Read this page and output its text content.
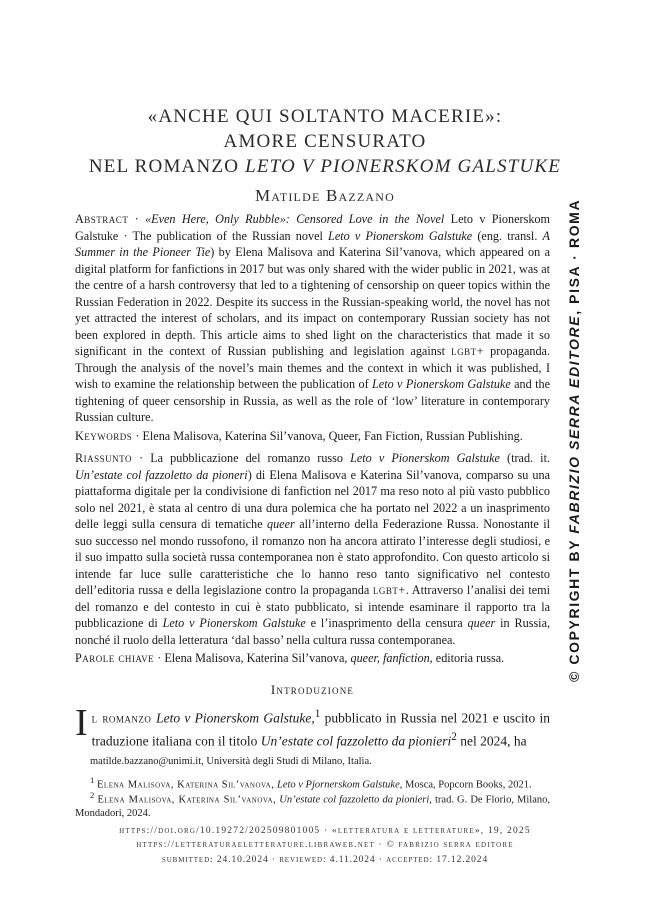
«ANCHE QUI SOLTANTO MACERIE»:
AMORE CENSURATO
NEL ROMANZO LETO V PIONERSKOM GALSTUKE
Matilde Bazzano
Abstract · «Even Here, Only Rubble»: Censored Love in the Novel Leto v Pionerskom Galstuke · The publication of the Russian novel Leto v Pionerskom Galstuke (eng. transl. A Summer in the Pioneer Tie) by Elena Malisova and Katerina Sil’vanova, which appeared on a digital platform for fanfictions in 2017 but was only shared with the wider public in 2021, was at the centre of a harsh controversy that led to a tightening of censorship on queer topics within the Russian Federation in 2022. Despite its success in the Russian-speaking world, the novel has not yet attracted the interest of scholars, and its impact on contemporary Russian society has not been explored in depth. This article aims to shed light on the characteristics that made it so significant in the context of Russian publishing and legislation against lgbt+ propaganda. Through the analysis of the novel’s main themes and the context in which it was published, I wish to examine the relationship between the publication of Leto v Pionerskom Galstuke and the tightening of queer censorship in Russia, as well as the role of ‘low’ literature in contemporary Russian culture.
Keywords · Elena Malisova, Katerina Sil’vanova, Queer, Fan Fiction, Russian Publishing.
Riassunto · La pubblicazione del romanzo russo Leto v Pionerskom Galstuke (trad. it. Un’estate col fazzoletto da pioneri) di Elena Malisova e Katerina Sil’vanova, comparso su una piattaforma digitale per la condivisione di fanfiction nel 2017 ma reso noto al più vasto pubblico solo nel 2021, è stata al centro di una dura polemica che ha portato nel 2022 a un inasprimento delle leggi sulla censura di tematiche queer all’interno della Federazione Russa. Nonostante il suo successo nel mondo russofono, il romanzo non ha ancora attirato l’interesse degli studiosi, e il suo impatto sulla società russa contemporanea non è stato approfondito. Con questo articolo si intende far luce sulle caratteristiche che lo hanno reso tanto significativo nel contesto dell’editoria russa e della legislazione contro la propaganda lgbt+. Attraverso l’analisi dei temi del romanzo e del contesto in cui è stato pubblicato, si intende esaminare il rapporto tra la pubblicazione di Leto v Pionerskom Galstuke e l’inasprimento della censura queer in Russia, nonché il ruolo della letteratura ‘dal basso’ nella cultura russa contemporanea.
Parole chiave · Elena Malisova, Katerina Sil’vanova, queer, fanfiction, editoria russa.
Introduzione
Il romanzo Leto v Pionerskom Galstuke,$^1$ pubblicato in Russia nel 2021 e uscito in traduzione italiana con il titolo Un’estate col fazzoletto da pionieri$^2$ nel 2024, ha
matilde.bazzano@unimi.it, Università degli Studi di Milano, Italia.
$^1$ Elena Malisova, Katerina Sil’vanova, Leto v Pjornerskom Galstuke, Mosca, Popcorn Books, 2021.
$^2$ Elena Malisova, Katerina Sil’vanova, Un’estate col fazzoletto da pionieri, trad. G. De Florio, Milano, Mondadori, 2024.
https://doi.org/10.19272/202509801005 · «letteratura e letterature», 19, 2025
https://letteraturaeletterature.libraweb.net · © fabrizio serra editore
submitted: 24.10.2024 · reviewed: 4.11.2024 · accepted: 17.12.2024
© COPYRIGHT BY FABRIZIO SERRA EDITORE, PISA · ROMA
